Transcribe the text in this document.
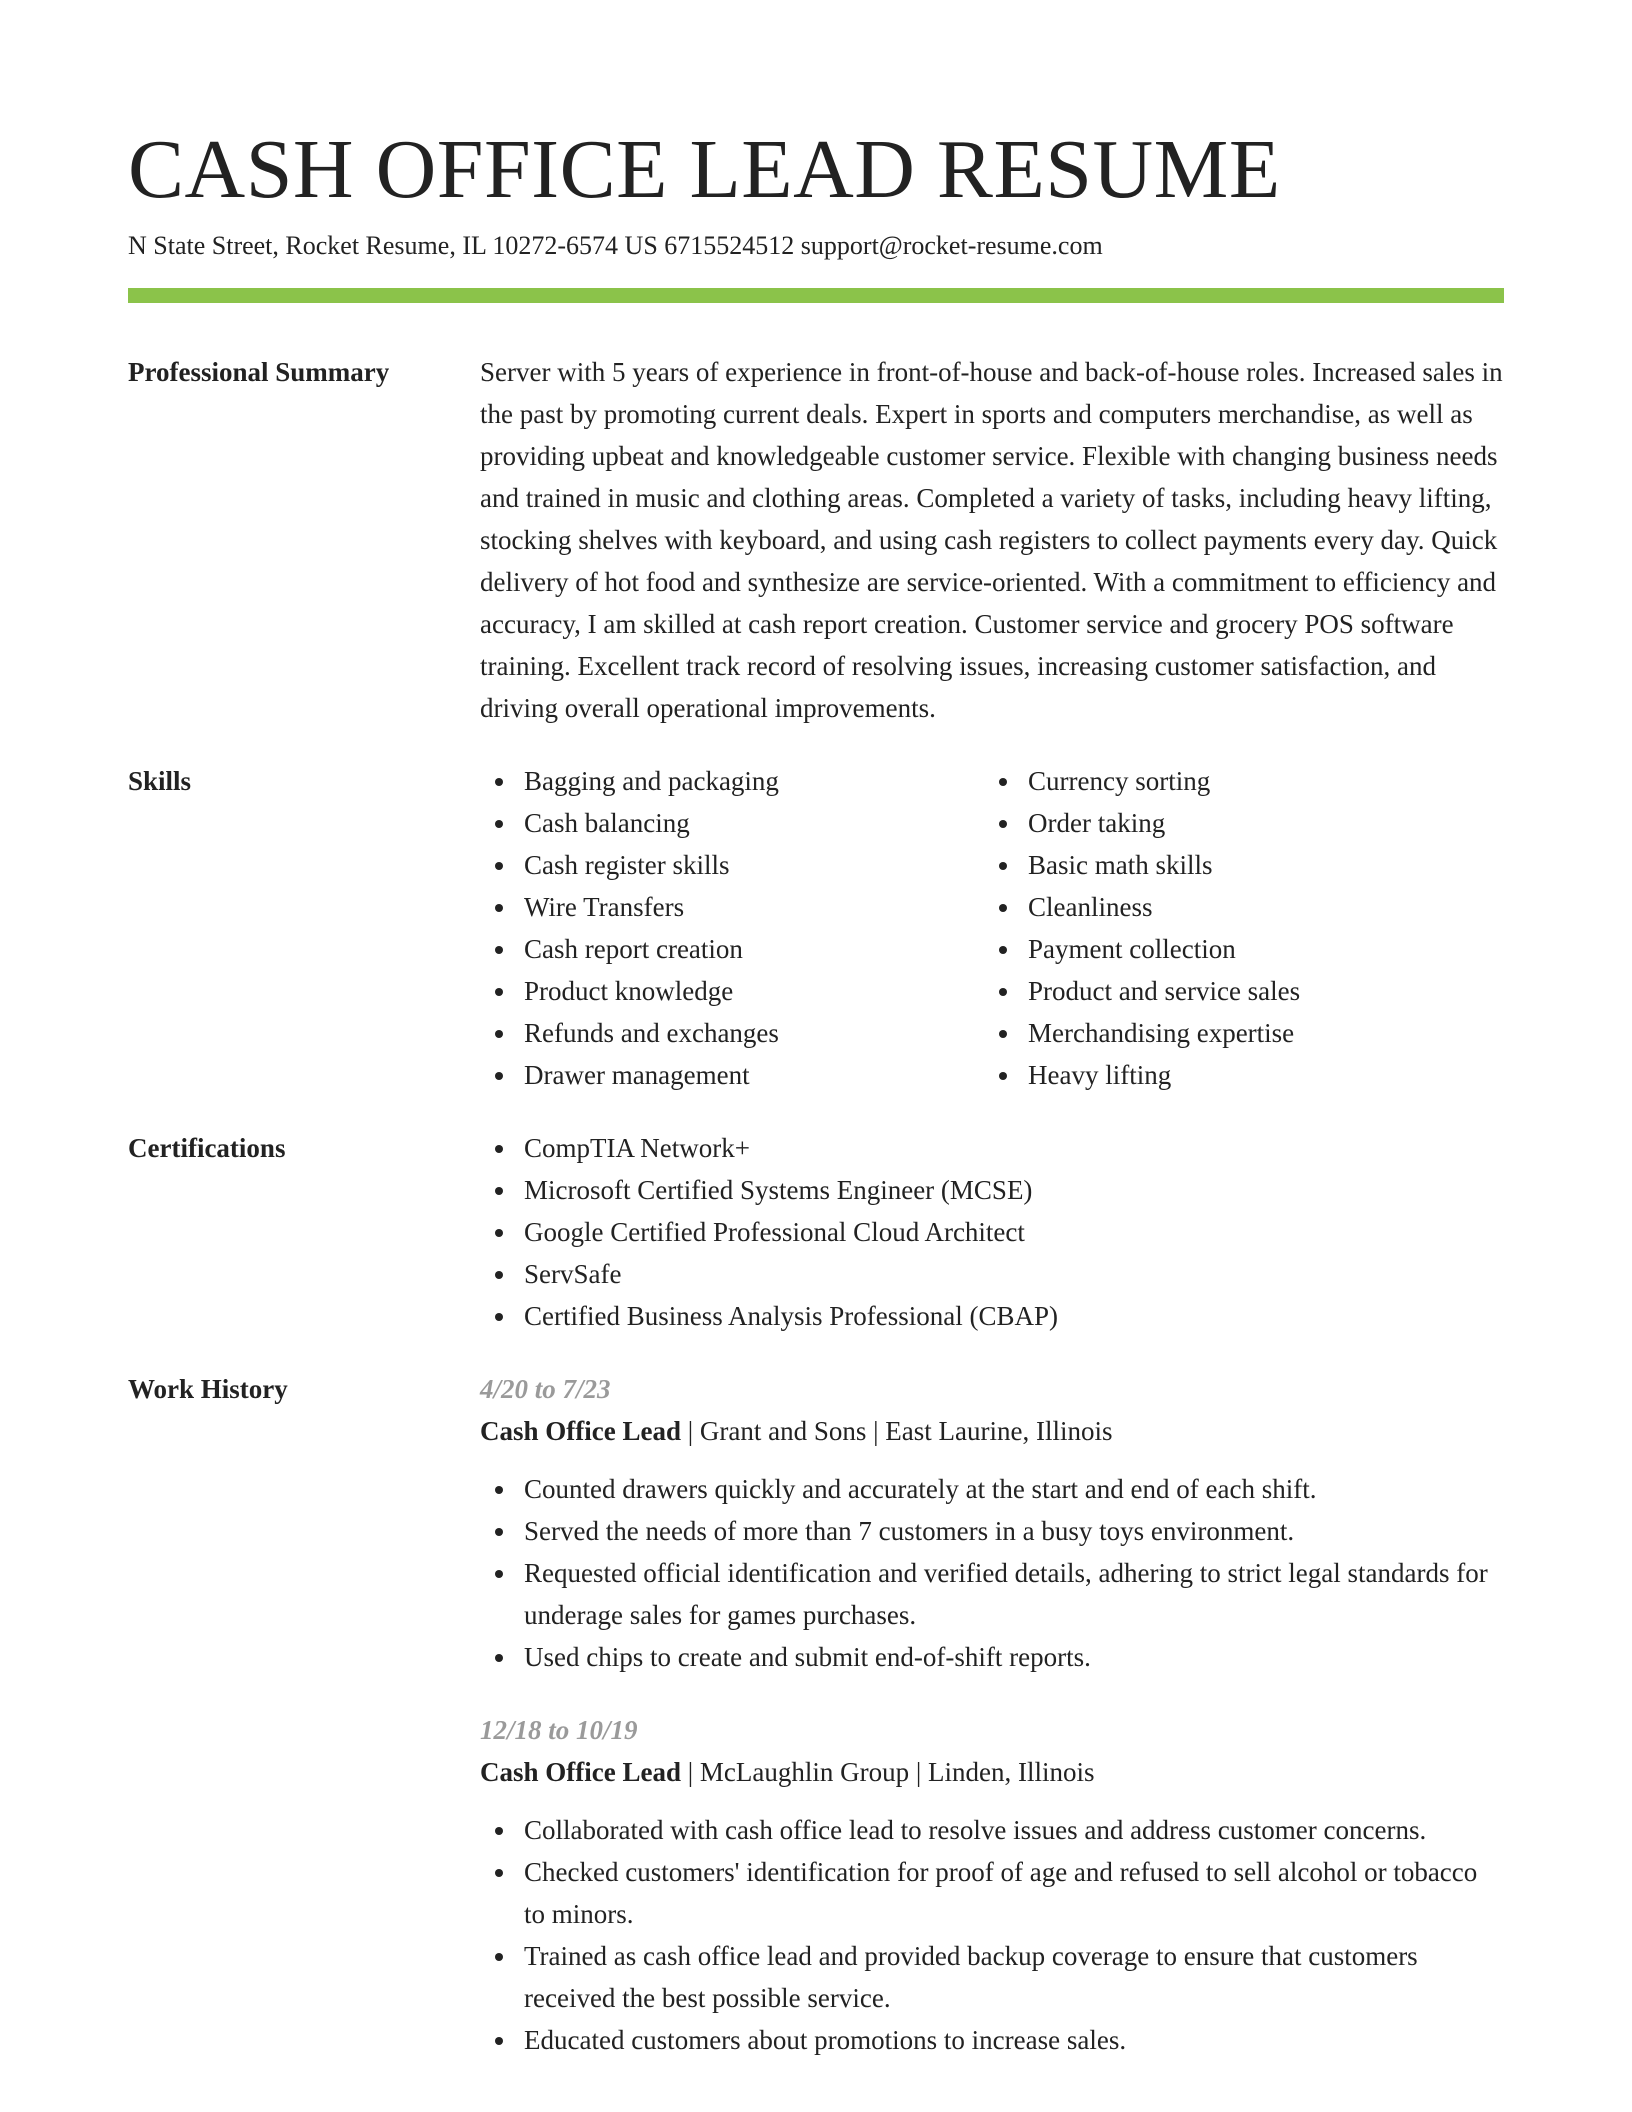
CASH OFFICE LEAD RESUME
N State Street, Rocket Resume, IL 10272-6574 US 6715524512 support@rocket-resume.com
Professional Summary	Server with 5 years of experience in front-of-house and back-of-house roles. Increased sales in the past by promoting current deals. Expert in sports and computers merchandise, as well as providing upbeat and knowledgeable customer service. Flexible with changing business needs and trained in music and clothing areas. Completed a variety of tasks, including heavy lifting, stocking shelves with keyboard, and using cash registers to collect payments every day. Quick delivery of hot food and synthesize are service-oriented. With a commitment to efficiency and accuracy, I am skilled at cash report creation. Customer service and grocery POS software training. Excellent track record of resolving issues, increasing customer satisfaction, and driving overall operational improvements.

Skills	Bagging and packaging
Cash balancing
Cash register skills
Wire Transfers
Cash report creation
Product knowledge
Refunds and exchanges
Drawer management
Currency sorting
Order taking
Basic math skills
Cleanliness
Payment collection
Product and service sales
Merchandising expertise
Heavy lifting
Certifications	CompTIA Network+
Microsoft Certified Systems Engineer (MCSE)
Google Certified Professional Cloud Architect
ServSafe
Certified Business Analysis Professional (CBAP)
Work History	4/20 to 7/23
Cash Office Lead | Grant and Sons | East Laurine, Illinois
Counted drawers quickly and accurately at the start and end of each shift.
Served the needs of more than 7 customers in a busy toys environment.
Requested official identification and verified details, adhering to strict legal standards for underage sales for games purchases.
Used chips to create and submit end-of-shift reports.
12/18 to 10/19
Cash Office Lead | McLaughlin Group | Linden, Illinois
Collaborated with cash office lead to resolve issues and address customer concerns.
Checked customers' identification for proof of age and refused to sell alcohol or tobacco to minors.
Trained as cash office lead and provided backup coverage to ensure that customers received the best possible service.
Educated customers about promotions to increase sales.
